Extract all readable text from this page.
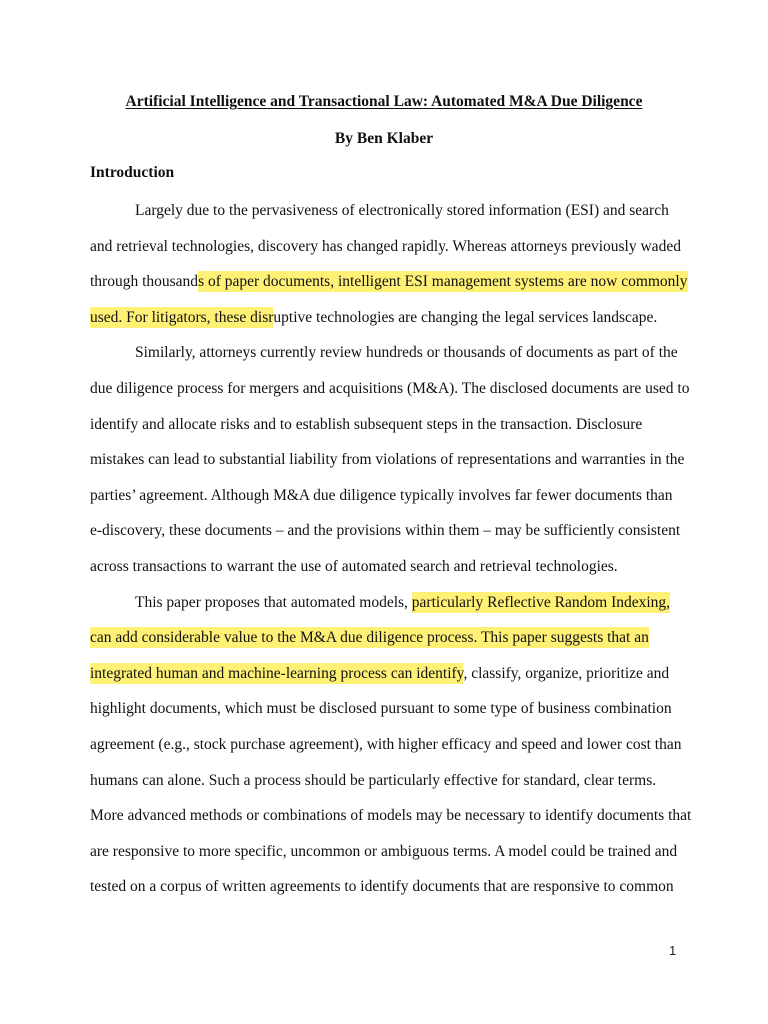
Artificial Intelligence and Transactional Law: Automated M&A Due Diligence
By Ben Klaber
Introduction
Largely due to the pervasiveness of electronically stored information (ESI) and search
and retrieval technologies, discovery has changed rapidly. Whereas attorneys previously waded
through thousands of paper documents, intelligent ESI management systems are now commonly
used. For litigators, these disruptive technologies are changing the legal services landscape.
Similarly, attorneys currently review hundreds or thousands of documents as part of the
due diligence process for mergers and acquisitions (M&A). The disclosed documents are used to
identify and allocate risks and to establish subsequent steps in the transaction. Disclosure
mistakes can lead to substantial liability from violations of representations and warranties in the
parties’ agreement. Although M&A due diligence typically involves far fewer documents than
e-discovery, these documents – and the provisions within them – may be sufficiently consistent
across transactions to warrant the use of automated search and retrieval technologies.
This paper proposes that automated models, particularly Reflective Random Indexing,
can add considerable value to the M&A due diligence process. This paper suggests that an
integrated human and machine-learning process can identify, classify, organize, prioritize and
highlight documents, which must be disclosed pursuant to some type of business combination
agreement (e.g., stock purchase agreement), with higher efficacy and speed and lower cost than
humans can alone. Such a process should be particularly effective for standard, clear terms.
More advanced methods or combinations of models may be necessary to identify documents that
are responsive to more specific, uncommon or ambiguous terms. A model could be trained and
tested on a corpus of written agreements to identify documents that are responsive to common
1
